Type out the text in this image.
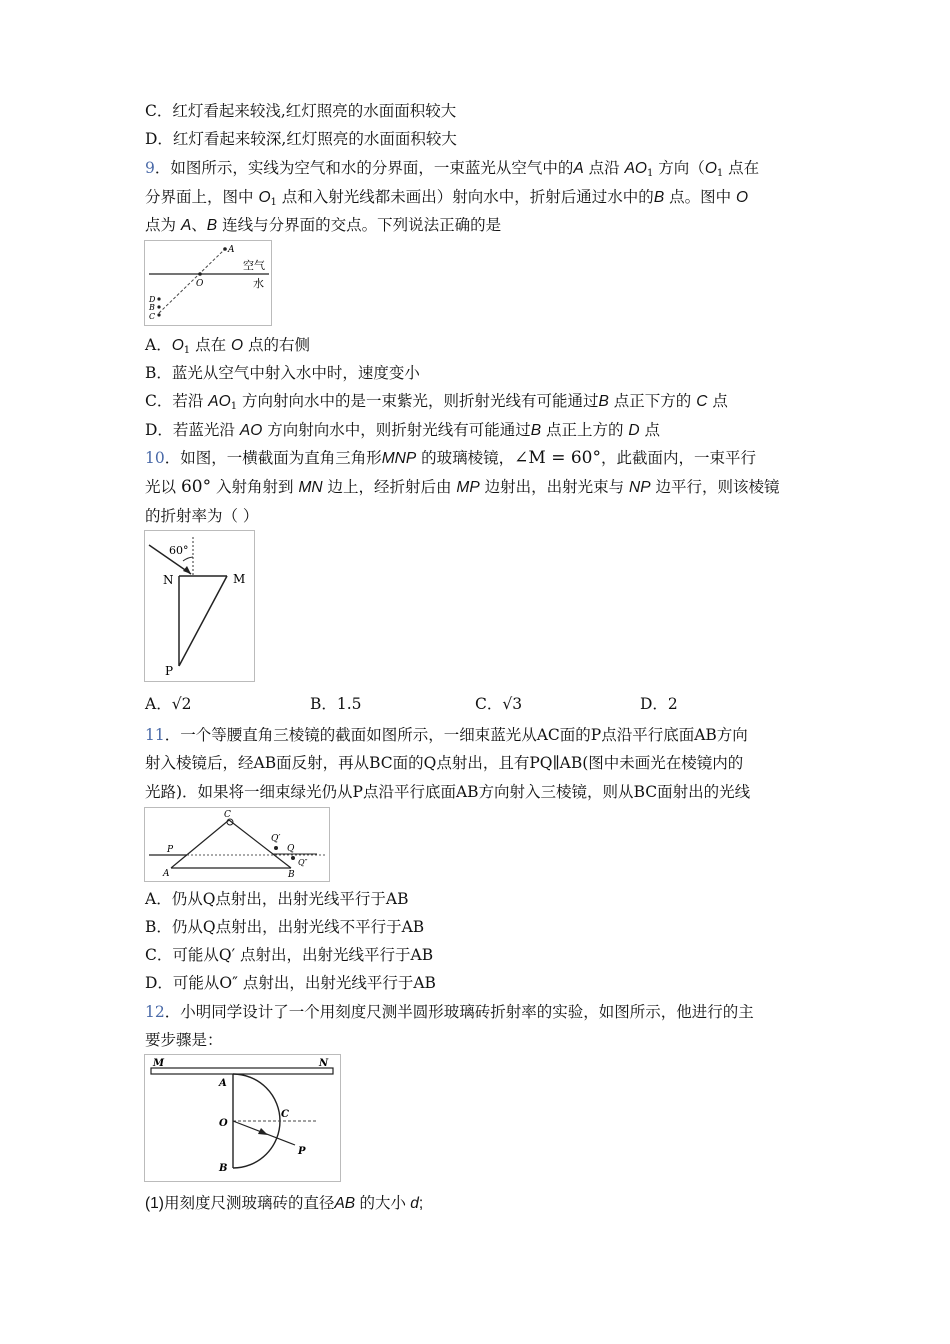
C．红灯看起来较浅,红灯照亮的水面面积较大
D．红灯看起来较深,红灯照亮的水面面积较大
9．如图所示，实线为空气和水的分界面，一束蓝光从空气中的A 点沿 $AO_1$ 方向（$O_1$ 点在
分界面上，图中 $O_1$ 点和入射光线都未画出）射向水中，折射后通过水中的B 点。图中 O
点为 A、B 连线与分界面的交点。下列说法正确的是
A
O
空气
水
D
B
C
A．$O_1$ 点在 O 点的右侧
B．蓝光从空气中射入水中时，速度变小
C．若沿 $AO_1$ 方向射向水中的是一束紫光，则折射光线有可能通过B 点正下方的 C 点
D．若蓝光沿 AO 方向射向水中，则折射光线有可能通过B 点正上方的 D 点
10．如图，一横截面为直角三角形MNP 的玻璃棱镜，∠M = 60°，此截面内，一束平行
光以 60° 入射角射到 MN 边上，经折射后由 MP 边射出，出射光束与 NP 边平行，则该棱镜
的折射率为（ ）
60°
N	M
P
A．√2	B．1.5	C．√3	D．2
11．一个等腰直角三棱镜的截面如图所示，一细束蓝光从AC面的P点沿平行底面AB方向
射入棱镜后，经AB面反射，再从BC面的Q点射出，且有PQ∥AB(图中未画光在棱镜内的
光路)．如果将一细束绿光仍从P点沿平行底面AB方向射入三棱镜，则从BC面射出的光线
C
P
Q′
Q
Q″
A	B
A．仍从Q点射出，出射光线平行于AB
B．仍从Q点射出，出射光线不平行于AB
C．可能从Q′ 点射出，出射光线平行于AB
D．可能从O″ 点射出，出射光线平行于AB
12．小明同学设计了一个用刻度尺测半圆形玻璃砖折射率的实验，如图所示，他进行的主
要步骤是：
M	N
A
O
C
B
P
(1)用刻度尺测玻璃砖的直径AB 的大小 d;
